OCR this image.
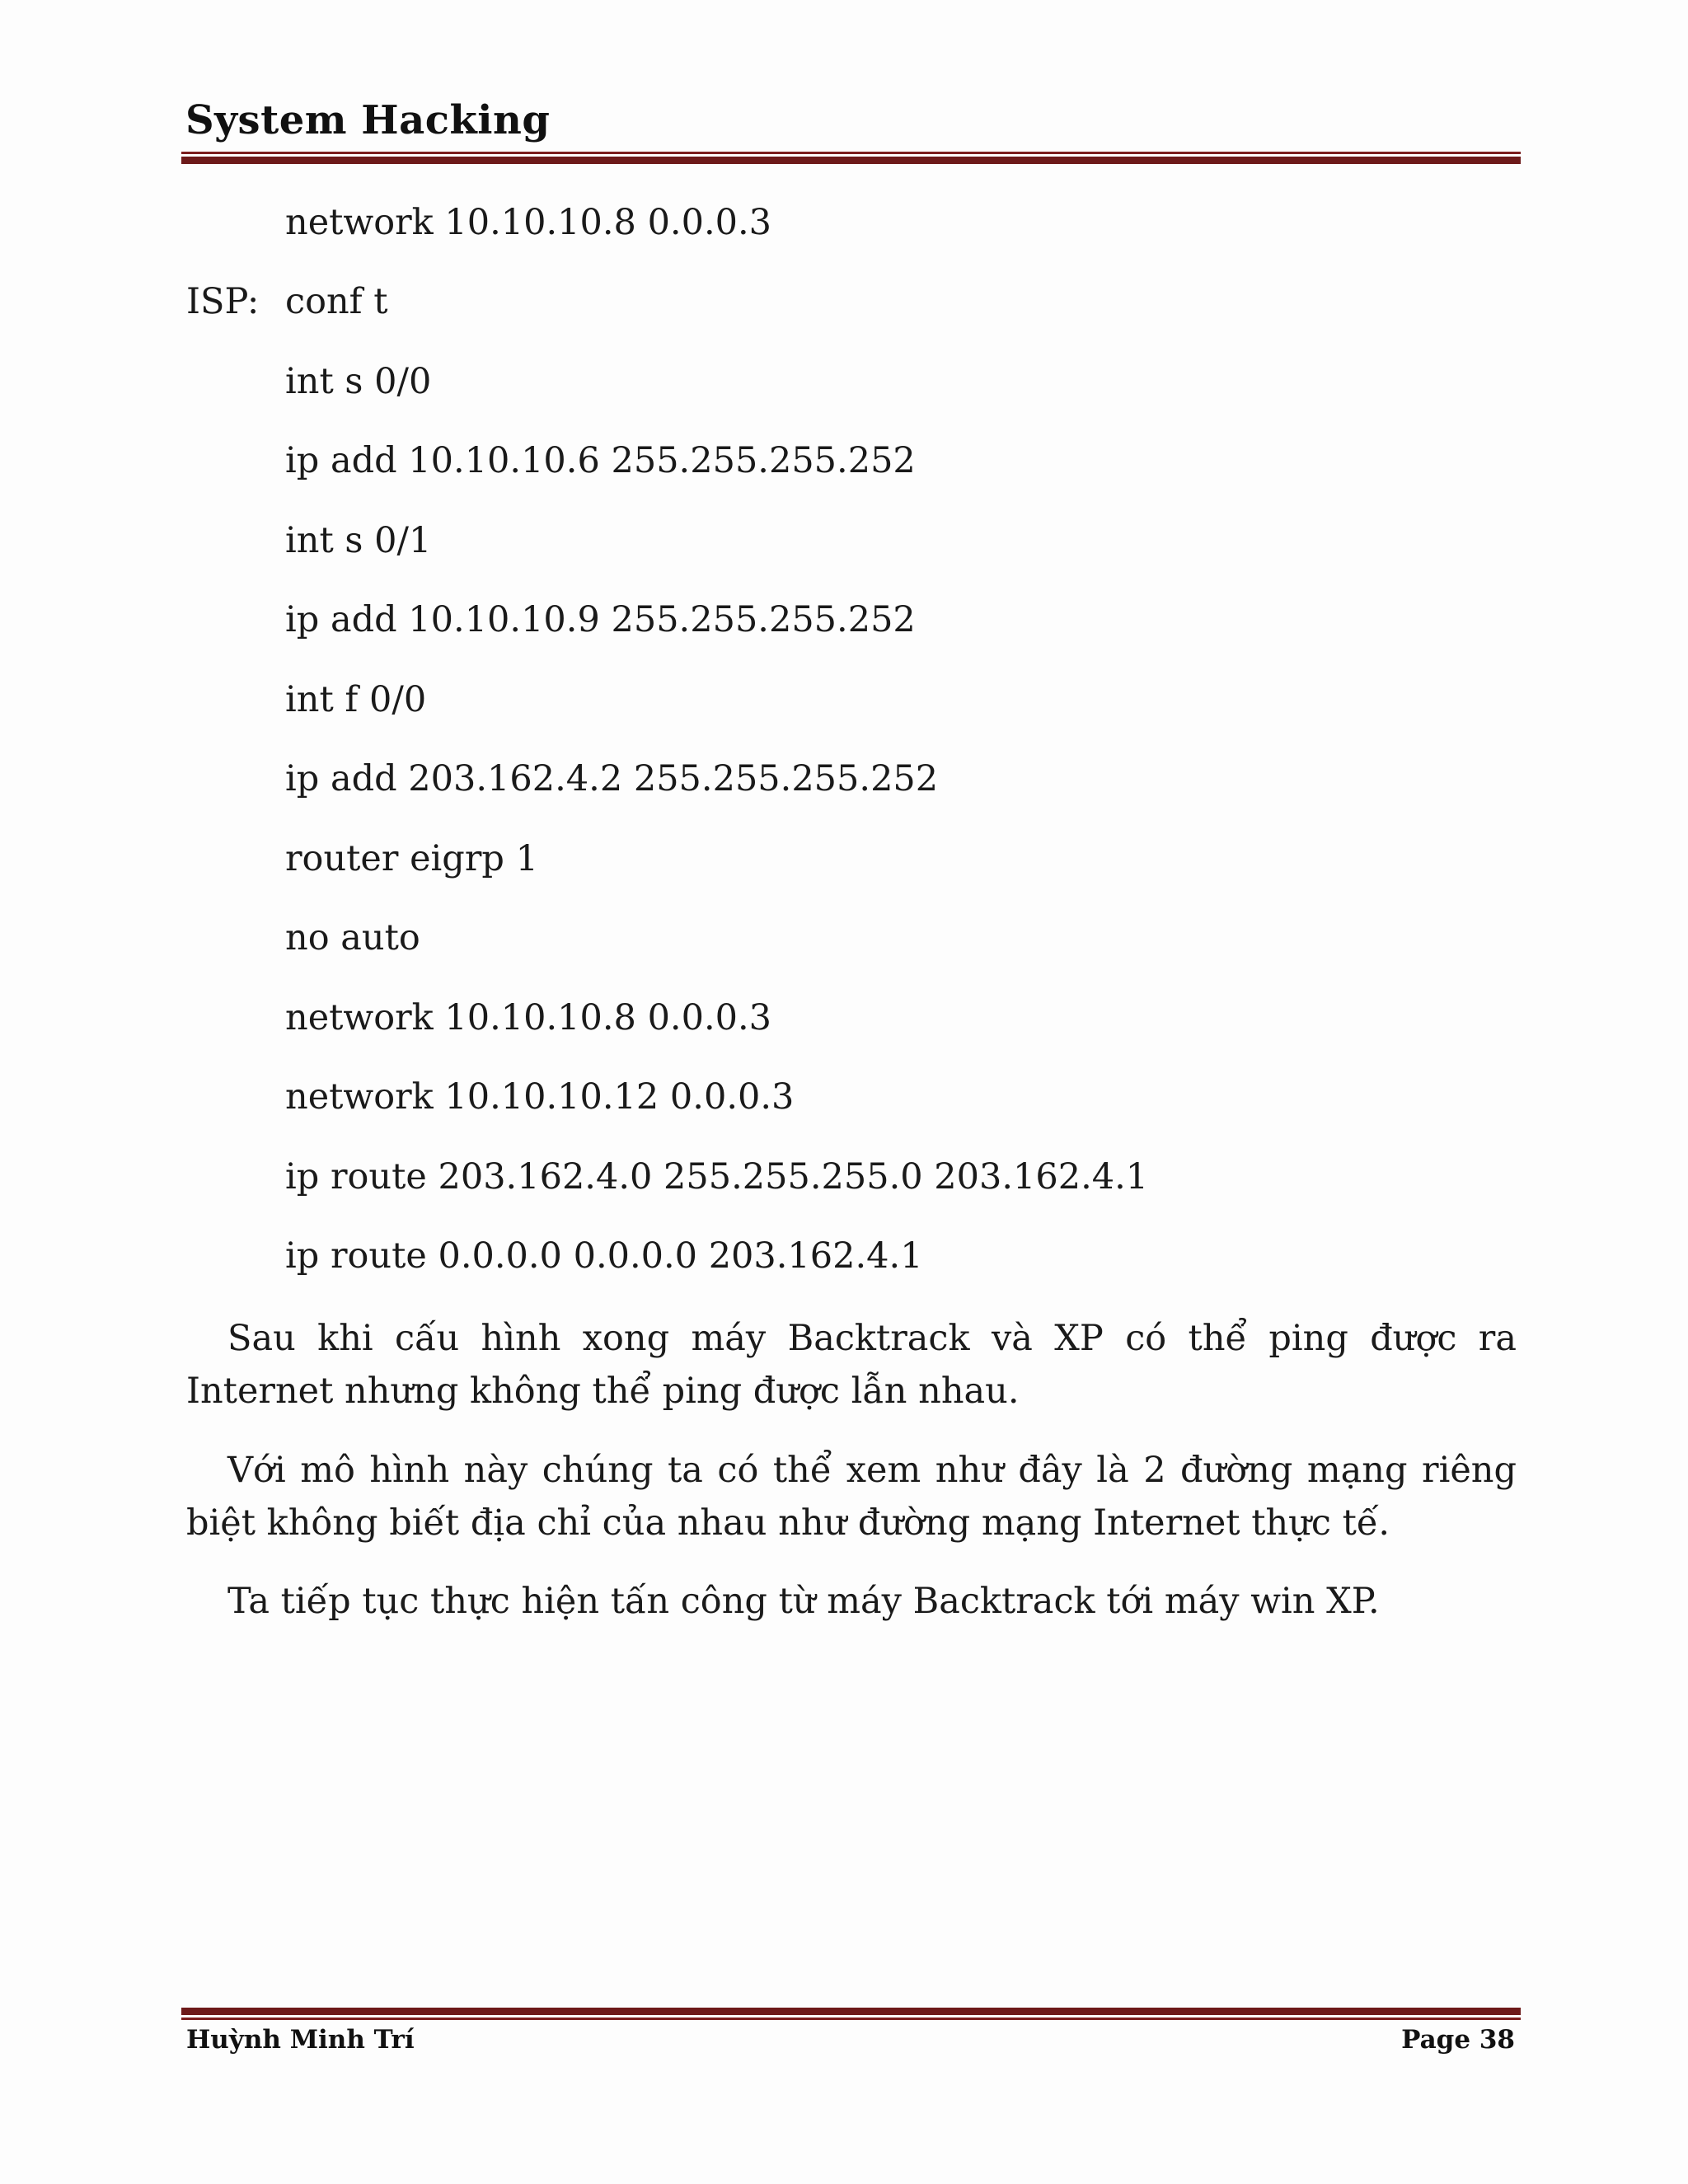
System Hacking
network 10.10.10.8 0.0.0.3
ISP: conf t
int s 0/0
ip add 10.10.10.6 255.255.255.252
int s 0/1
ip add 10.10.10.9 255.255.255.252
int f 0/0
ip add 203.162.4.2 255.255.255.252
router eigrp 1
no auto
network 10.10.10.8 0.0.0.3
network 10.10.10.12 0.0.0.3
ip route 203.162.4.0 255.255.255.0 203.162.4.1
ip route 0.0.0.0 0.0.0.0 203.162.4.1
Sau khi cấu hình xong máy Backtrack và XP có thể ping được ra Internet nhưng không thể ping được lẫn nhau.
Với mô hình này chúng ta có thể xem như đây là 2 đường mạng riêng biệt không biết địa chỉ của nhau như đường mạng Internet thực tế.
Ta tiếp tục thực hiện tấn công từ máy Backtrack tới máy win XP.
Huỳnh Minh Trí	Page 38
